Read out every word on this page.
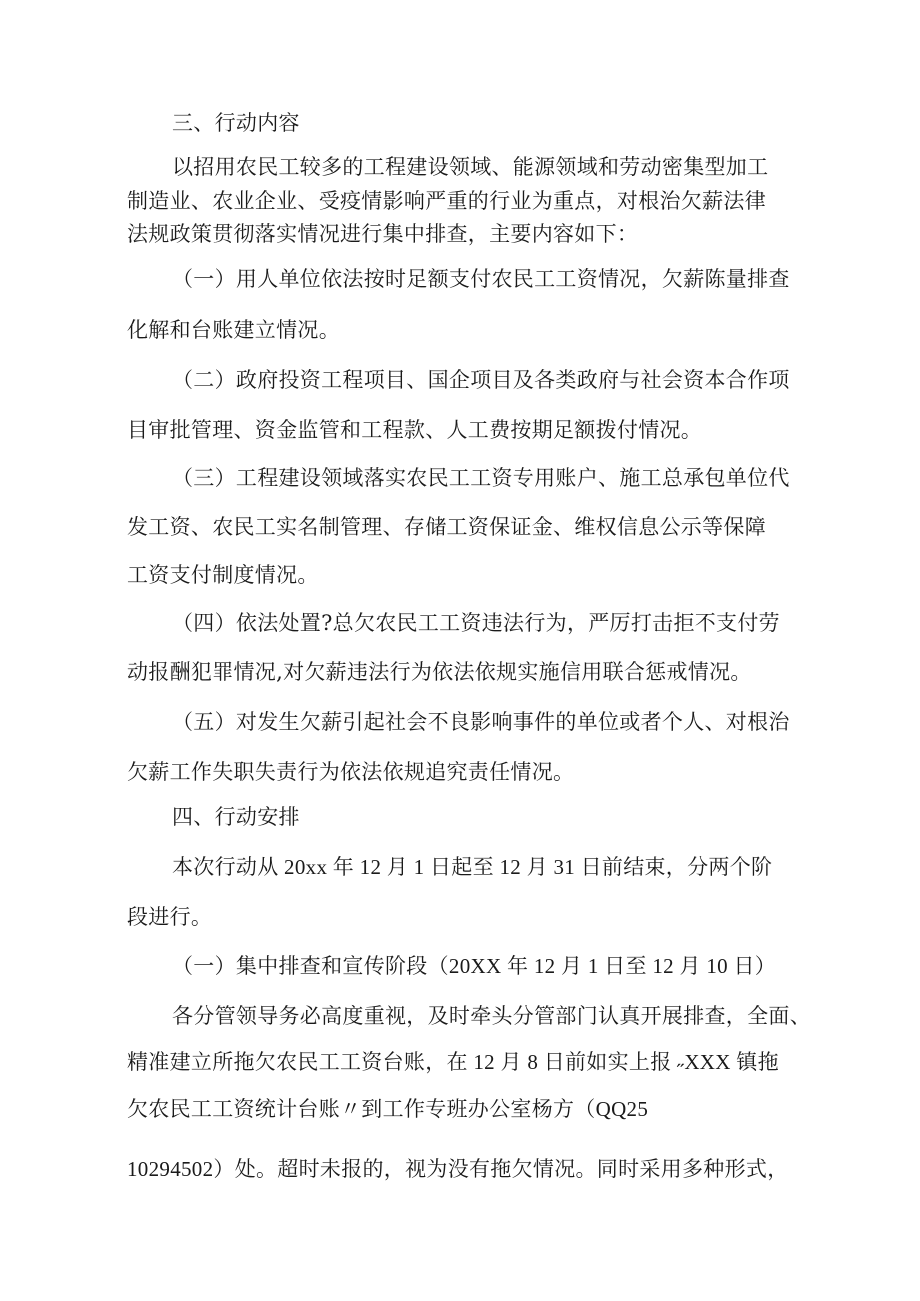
三、行动内容
以招用农民工较多的工程建设领域、能源领域和劳动密集型加工
制造业、农业企业、受疫情影响严重的行业为重点，对根治欠薪法律
法规政策贯彻落实情况进行集中排查，主要内容如下：
（一）用人单位依法按时足额支付农民工工资情况，欠薪陈量排查
化解和台账建立情况。
（二）政府投资工程项目、国企项目及各类政府与社会资本合作项
目审批管理、资金监管和工程款、人工费按期足额拨付情况。
（三）工程建设领域落实农民工工资专用账户、施工总承包单位代
发工资、农民工实名制管理、存储工资保证金、维权信息公示等保障
工资支付制度情况。
（四）依法处置?总欠农民工工资违法行为，严厉打击拒不支付劳
动报酬犯罪情况,对欠薪违法行为依法依规实施信用联合惩戒情况。
（五）对发生欠薪引起社会不良影响事件的单位或者个人、对根治
欠薪工作失职失责行为依法依规追究责任情况。
四、行动安排
本次行动从 20xx 年 12 月 1 日起至 12 月 31 日前结束，分两个阶
段进行。
（一）集中排查和宣传阶段（20XX 年 12 月 1 日至 12 月 10 日）
各分管领导务必高度重视，及时牵头分管部门认真开展排查，全面、
精准建立所拖欠农民工工资台账，在 12 月 8 日前如实上报 ˶XXX 镇拖
欠农民工工资统计台账〃到工作专班办公室杨方（QQ25
10294502）处。超时未报的，视为没有拖欠情况。同时采用多种形式，
